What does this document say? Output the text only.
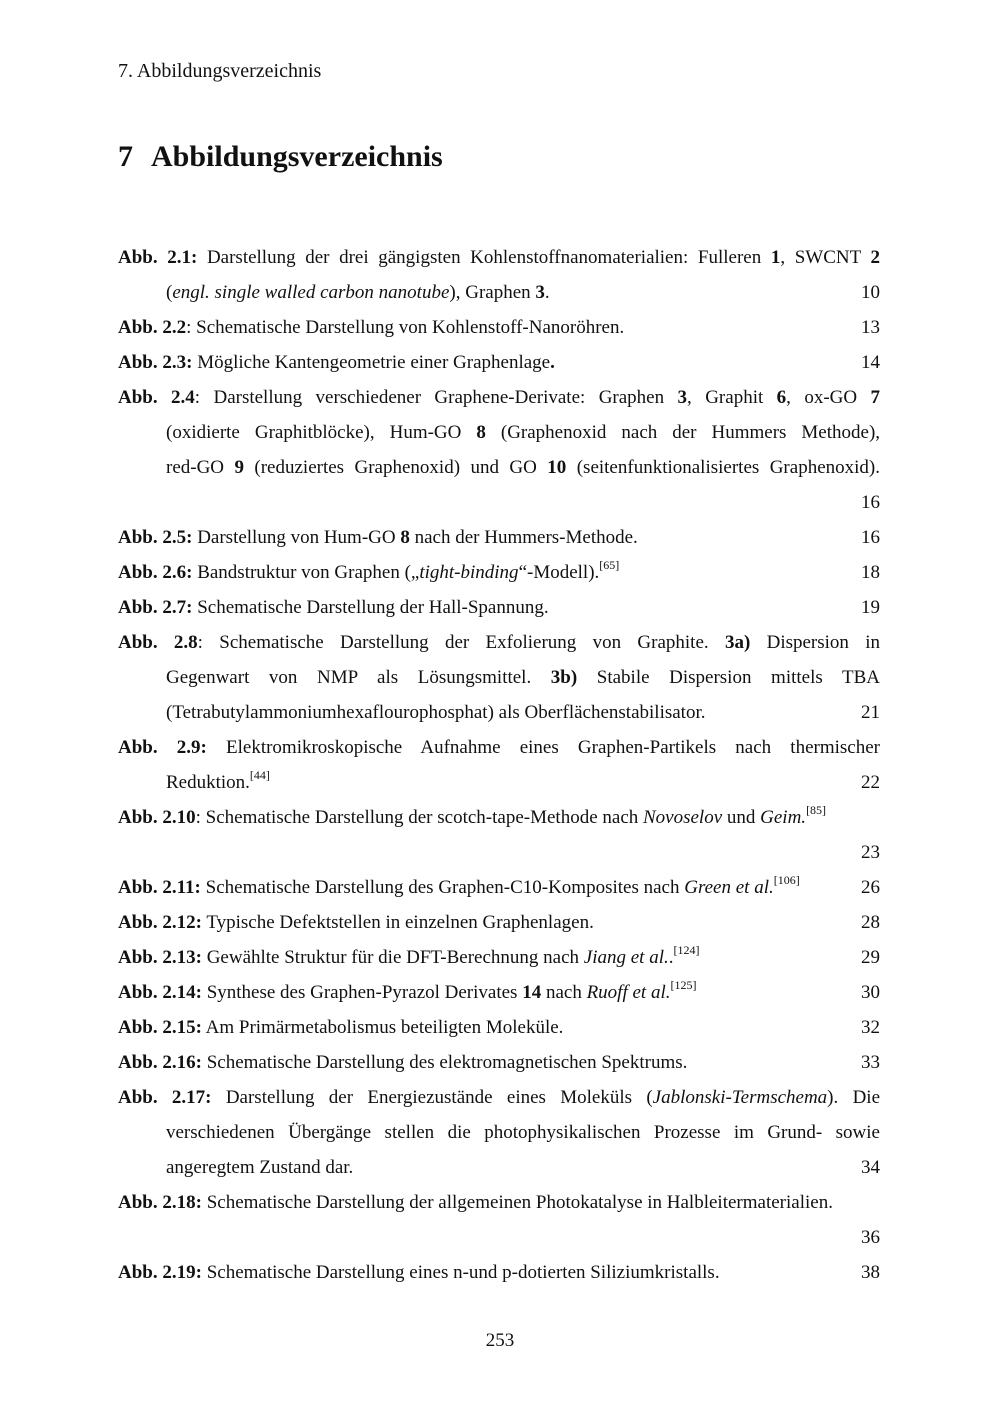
7. Abbildungsverzeichnis
7 Abbildungsverzeichnis
Abb. 2.1: Darstellung der drei gängigsten Kohlenstoffnanomaterialien: Fulleren 1, SWCNT 2
(engl. single walled carbon nanotube), Graphen 3.	10
Abb. 2.2: Schematische Darstellung von Kohlenstoff-Nanoröhren.	13
Abb. 2.3: Mögliche Kantengeometrie einer Graphenlage.	14
Abb. 2.4: Darstellung verschiedener Graphene-Derivate: Graphen 3, Graphit 6, ox-GO 7
(oxidierte Graphitblöcke), Hum-GO 8 (Graphenoxid nach der Hummers Methode),
red-GO 9 (reduziertes Graphenoxid) und GO 10 (seitenfunktionalisiertes Graphenoxid).
16
Abb. 2.5: Darstellung von Hum-GO 8 nach der Hummers-Methode.	16
Abb. 2.6: Bandstruktur von Graphen („tight-binding“-Modell).[65]	18
Abb. 2.7: Schematische Darstellung der Hall-Spannung.	19
Abb. 2.8: Schematische Darstellung der Exfolierung von Graphite. 3a) Dispersion in
Gegenwart von NMP als Lösungsmittel. 3b) Stabile Dispersion mittels TBA
(Tetrabutylammoniumhexaflourophosphat) als Oberflächenstabilisator.	21
Abb. 2.9: Elektromikroskopische Aufnahme eines Graphen-Partikels nach thermischer
Reduktion.[44]	22
Abb. 2.10: Schematische Darstellung der scotch-tape-Methode nach Novoselov und Geim.[85]
23
Abb. 2.11: Schematische Darstellung des Graphen-C10-Komposites nach Green et al.[106]	26
Abb. 2.12: Typische Defektstellen in einzelnen Graphenlagen.	28
Abb. 2.13: Gewählte Struktur für die DFT-Berechnung nach Jiang et al..[124]	29
Abb. 2.14: Synthese des Graphen-Pyrazol Derivates 14 nach Ruoff et al.[125]	30
Abb. 2.15: Am Primärmetabolismus beteiligten Moleküle.	32
Abb. 2.16: Schematische Darstellung des elektromagnetischen Spektrums.	33
Abb. 2.17: Darstellung der Energiezustände eines Moleküls (Jablonski-Termschema). Die
verschiedenen Übergänge stellen die photophysikalischen Prozesse im Grund- sowie
angeregtem Zustand dar.	34
Abb. 2.18: Schematische Darstellung der allgemeinen Photokatalyse in Halbleitermaterialien.
36
Abb. 2.19: Schematische Darstellung eines n-und p-dotierten Siliziumkristalls.	38
253
